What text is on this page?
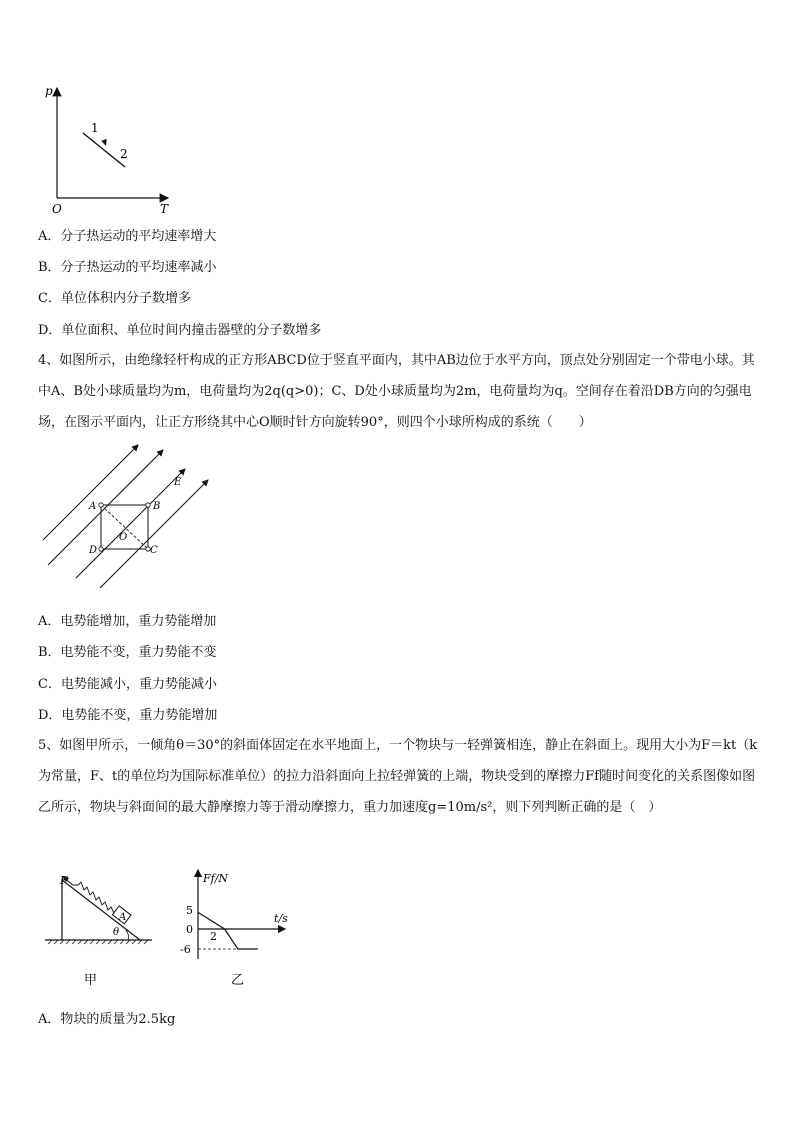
p
T
O
1
2
A．分子热运动的平均速率增大
B．分子热运动的平均速率减小
C．单位体积内分子数增多
D．单位面积、单位时间内撞击器壁的分子数增多
4、如图所示，由绝缘轻杆构成的正方形ABCD位于竖直平面内，其中AB边位于水平方向，顶点处分别固定一个带电小球。其中A、B处小球质量均为m，电荷量均为2q(q>0)；C、D处小球质量均为2m，电荷量均为q。空间存在着沿DB方向的匀强电场，在图示平面内，让正方形绕其中心O顺时针方向旋转90°，则四个小球所构成的系统（　　）
A	B
C
D
O
E
A．电势能增加，重力势能增加
B．电势能不变，重力势能不变
C．电势能减小，重力势能减小
D．电势能不变，重力势能增加
5、如图甲所示，一倾角θ＝30°的斜面体固定在水平地面上，一个物块与一轻弹簧相连，静止在斜面上。现用大小为F＝kt（k为常量，F、t的单位均为国际标准单位）的拉力沿斜面向上拉轻弹簧的上端，物块受到的摩擦力Ff随时间变化的关系图像如图乙所示，物块与斜面间的最大静摩擦力等于滑动摩擦力，重力加速度g=10m/s²，则下列判断正确的是（　）
F
A
θ
甲
Ff/N
t/s
5
0
-6
2
乙
A．物块的质量为2.5kg
